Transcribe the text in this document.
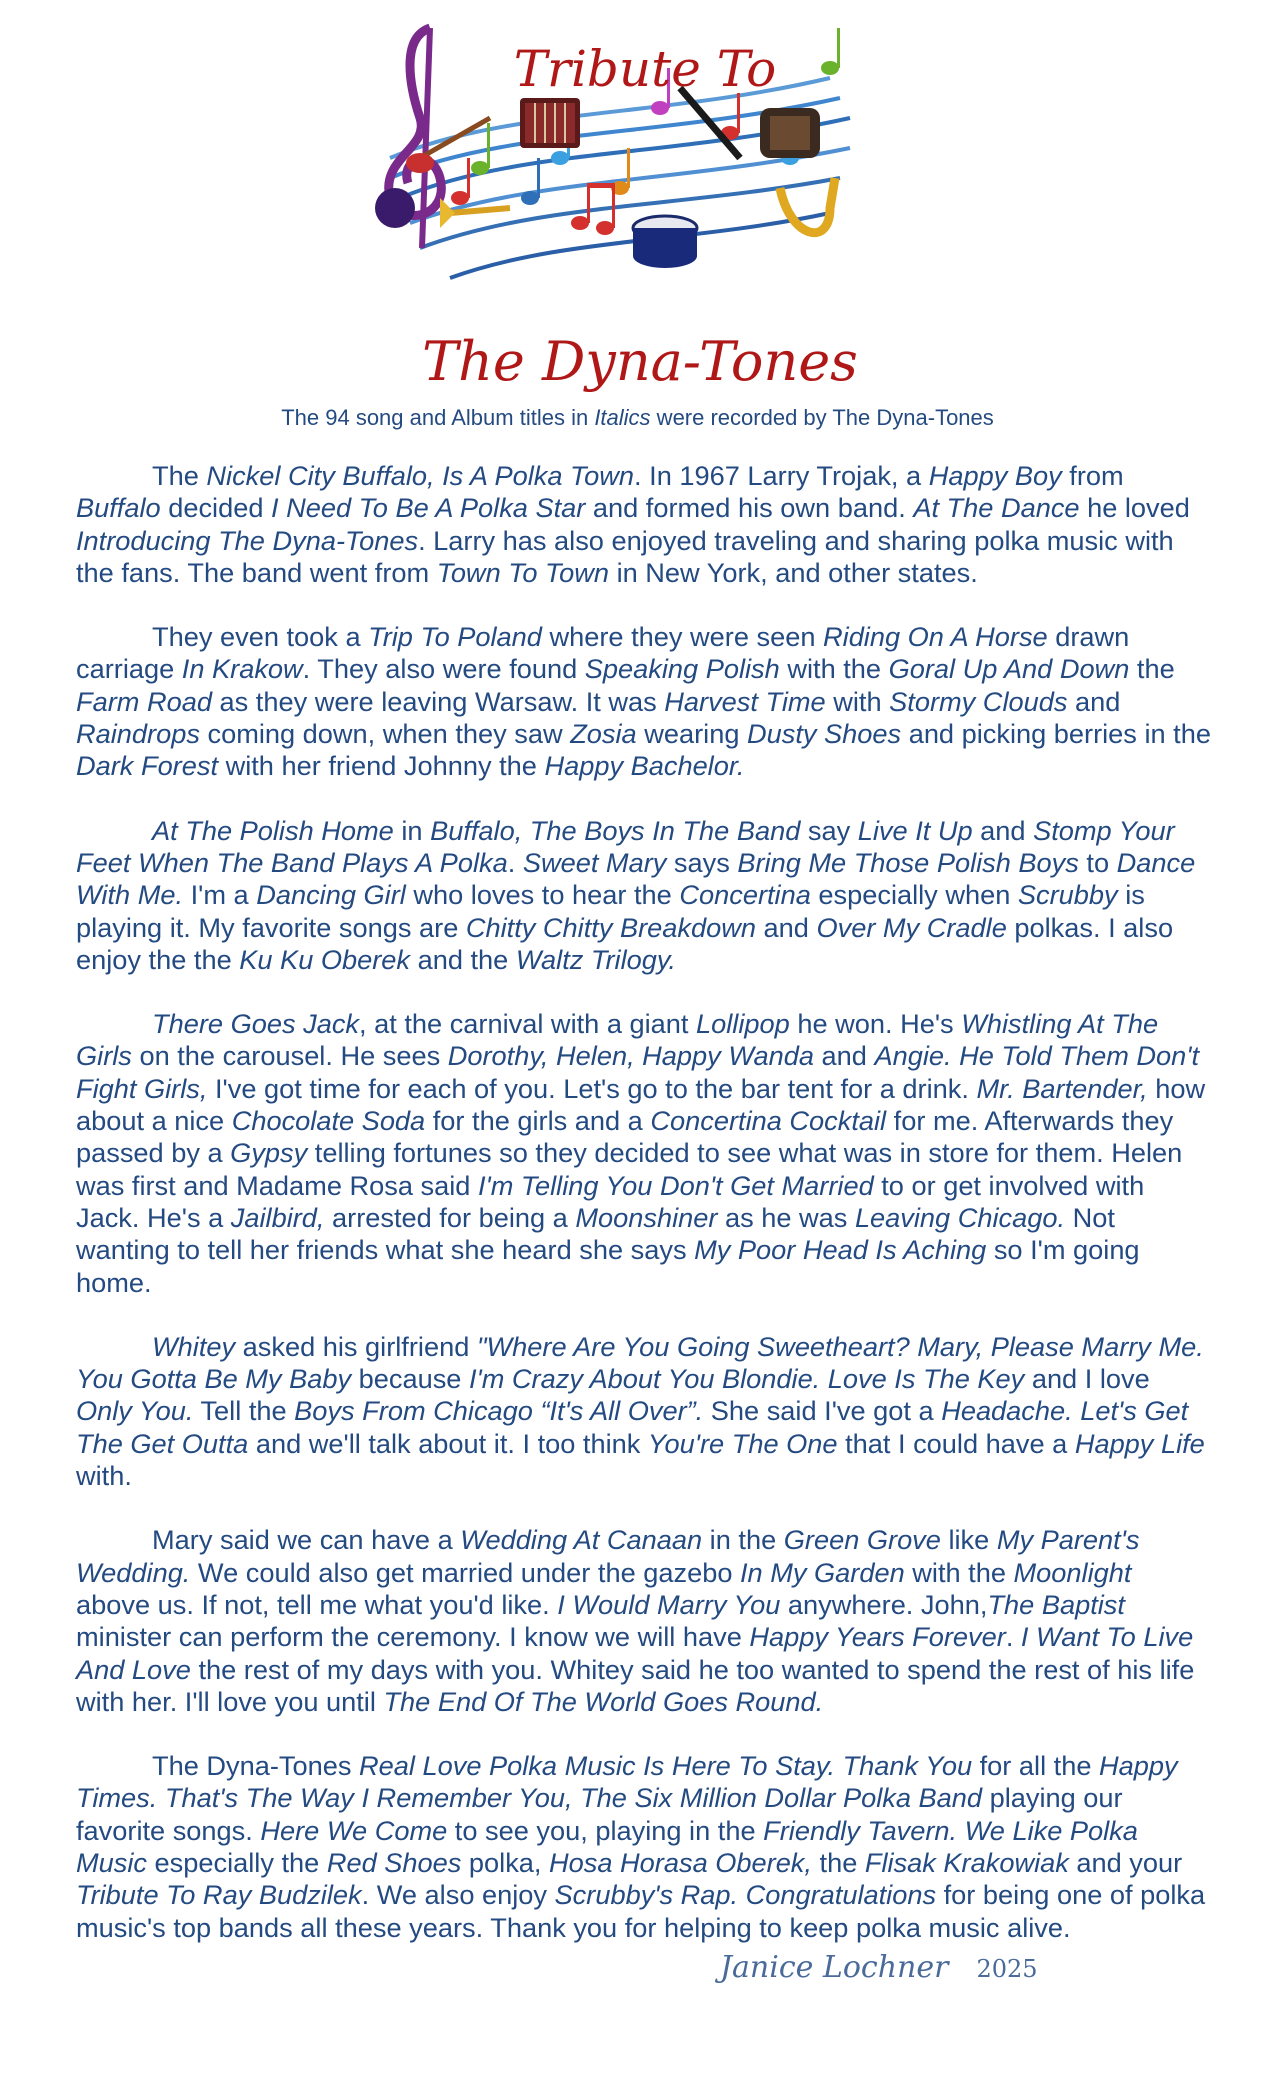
Tribute To
The Dyna-Tones
The 94 song and Album titles in Italics were recorded by The Dyna-Tones

The Nickel City Buffalo, Is A Polka Town. In 1967 Larry Trojak, a Happy Boy from Buffalo decided I Need To Be A Polka Star and formed his own band. At The Dance he loved Introducing The Dyna-Tones. Larry has also enjoyed traveling and sharing polka music with the fans. The band went from Town To Town in New York, and other states.

They even took a Trip To Poland where they were seen Riding On A Horse drawn carriage In Krakow. They also were found Speaking Polish with the Goral Up And Down the Farm Road as they were leaving Warsaw. It was Harvest Time with Stormy Clouds and Raindrops coming down, when they saw Zosia wearing Dusty Shoes and picking berries in the Dark Forest with her friend Johnny the Happy Bachelor.

At The Polish Home in Buffalo, The Boys In The Band say Live It Up and Stomp Your Feet When The Band Plays A Polka. Sweet Mary says Bring Me Those Polish Boys to Dance With Me. I'm a Dancing Girl who loves to hear the Concertina especially when Scrubby is playing it. My favorite songs are Chitty Chitty Breakdown and Over My Cradle polkas. I also enjoy the the Ku Ku Oberek and the Waltz Trilogy.

There Goes Jack, at the carnival with a giant Lollipop he won. He's Whistling At The Girls on the carousel. He sees Dorothy, Helen, Happy Wanda and Angie. He Told Them Don't Fight Girls, I've got time for each of you. Let's go to the bar tent for a drink. Mr. Bartender, how about a nice Chocolate Soda for the girls and a Concertina Cocktail for me. Afterwards they passed by a Gypsy telling fortunes so they decided to see what was in store for them. Helen was first and Madame Rosa said I'm Telling You Don't Get Married to or get involved with Jack. He's a Jailbird, arrested for being a Moonshiner as he was Leaving Chicago. Not wanting to tell her friends what she heard she says My Poor Head Is Aching so I'm going home.

Whitey asked his girlfriend "Where Are You Going Sweetheart? Mary, Please Marry Me. You Gotta Be My Baby because I'm Crazy About You Blondie. Love Is The Key and I love Only You. Tell the Boys From Chicago “It's All Over”. She said I've got a Headache. Let's Get The Get Outta and we'll talk about it. I too think You're The One that I could have a Happy Life with.

Mary said we can have a Wedding At Canaan in the Green Grove like My Parent's Wedding. We could also get married under the gazebo In My Garden with the Moonlight above us. If not, tell me what you'd like. I Would Marry You anywhere. John,The Baptist minister can perform the ceremony. I know we will have Happy Years Forever. I Want To Live And Love the rest of my days with you. Whitey said he too wanted to spend the rest of his life with her. I'll love you until The End Of The World Goes Round.

The Dyna-Tones Real Love Polka Music Is Here To Stay. Thank You for all the Happy Times. That's The Way I Remember You, The Six Million Dollar Polka Band playing our favorite songs. Here We Come to see you, playing in the Friendly Tavern. We Like Polka Music especially the Red Shoes polka, Hosa Horasa Oberek, the Flisak Krakowiak and your Tribute To Ray Budzilek. We also enjoy Scrubby's Rap. Congratulations for being one of polka music's top bands all these years. Thank you for helping to keep polka music alive.

Janice Lochner 2025
